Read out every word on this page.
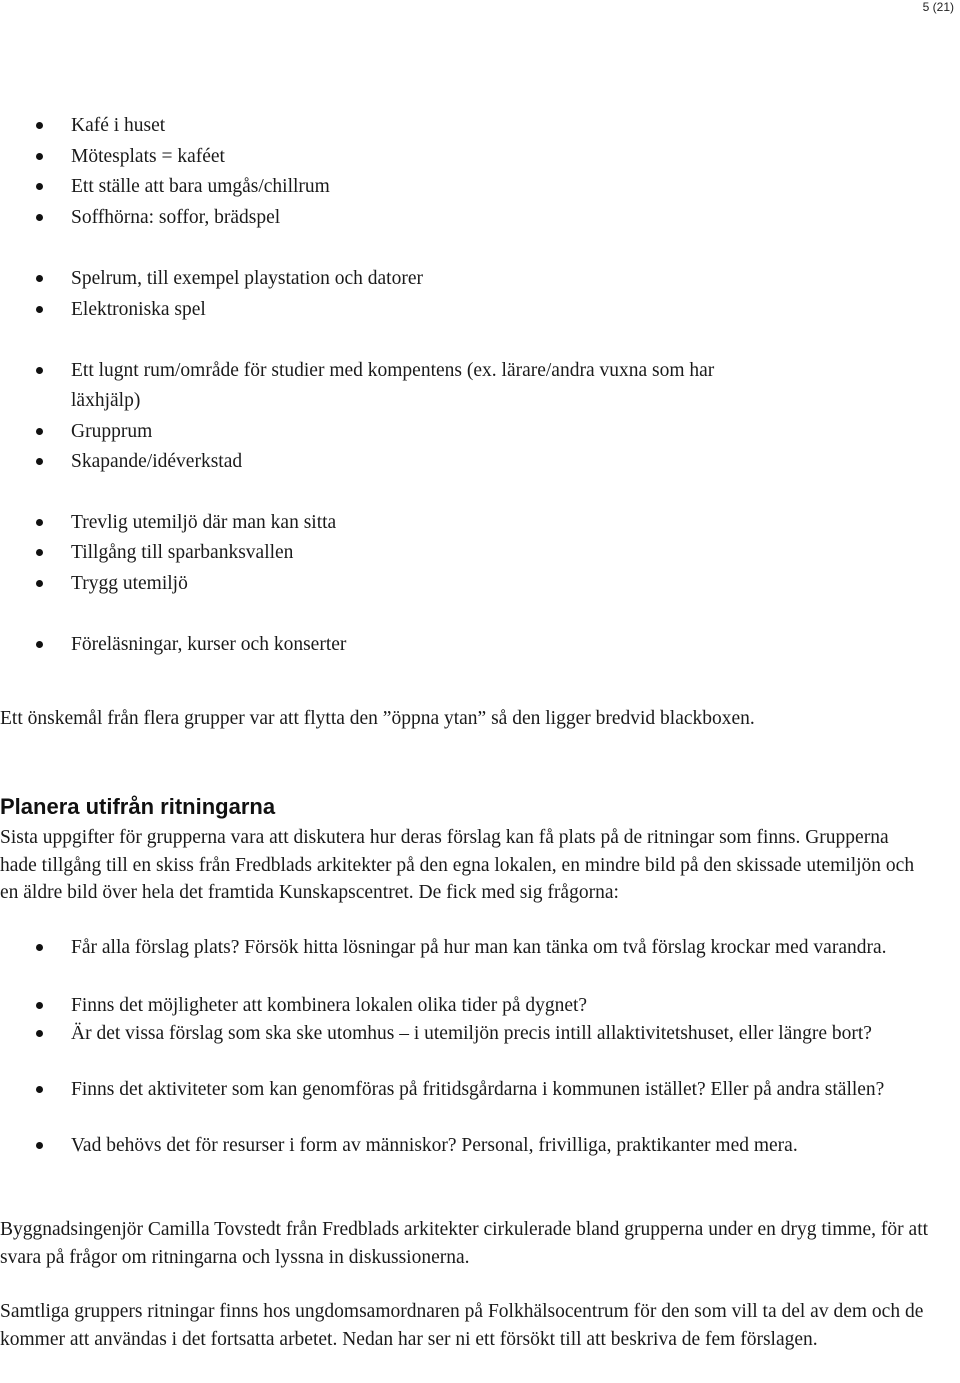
5 (21)
Kafé i huset
Mötesplats = kaféet
Ett ställe att bara umgås/chillrum
Soffhörna: soffor, brädspel
Spelrum, till exempel playstation och datorer
Elektroniska spel
Ett lugnt rum/område för studier med kompentens (ex. lärare/andra vuxna som har
läxhjälp)
Grupprum
Skapande/idéverkstad
Trevlig utemiljö där man kan sitta
Tillgång till sparbanksvallen
Trygg utemiljö
Föreläsningar, kurser och konserter

Ett önskemål från flera grupper var att flytta den ”öppna ytan” så den ligger bredvid blackboxen.

Planera utifrån ritningarna

Sista uppgifter för grupperna vara att diskutera hur deras förslag kan få plats på de ritningar som finns. Grupperna hade tillgång till en skiss från Fredblads arkitekter på den egna lokalen, en mindre bild på den skissade utemiljön och en äldre bild över hela det framtida Kunskapscentret. De fick med sig frågorna:

Får alla förslag plats? Försök hitta lösningar på hur man kan tänka om två förslag krockar med varandra.
Finns det möjligheter att kombinera lokalen olika tider på dygnet?
Är det vissa förslag som ska ske utomhus – i utemiljön precis intill allaktivitetshuset, eller längre bort?
Finns det aktiviteter som kan genomföras på fritidsgårdarna i kommunen istället? Eller på andra ställen?
Vad behövs det för resurser i form av människor? Personal, frivilliga, praktikanter med mera.

Byggnadsingenjör Camilla Tovstedt från Fredblads arkitekter cirkulerade bland grupperna under en dryg timme, för att svara på frågor om ritningarna och lyssna in diskussionerna.

Samtliga gruppers ritningar finns hos ungdomsamordnaren på Folkhälsocentrum för den som vill ta del av dem och de kommer att användas i det fortsatta arbetet. Nedan har ser ni ett försökt till att beskriva de fem förslagen.
